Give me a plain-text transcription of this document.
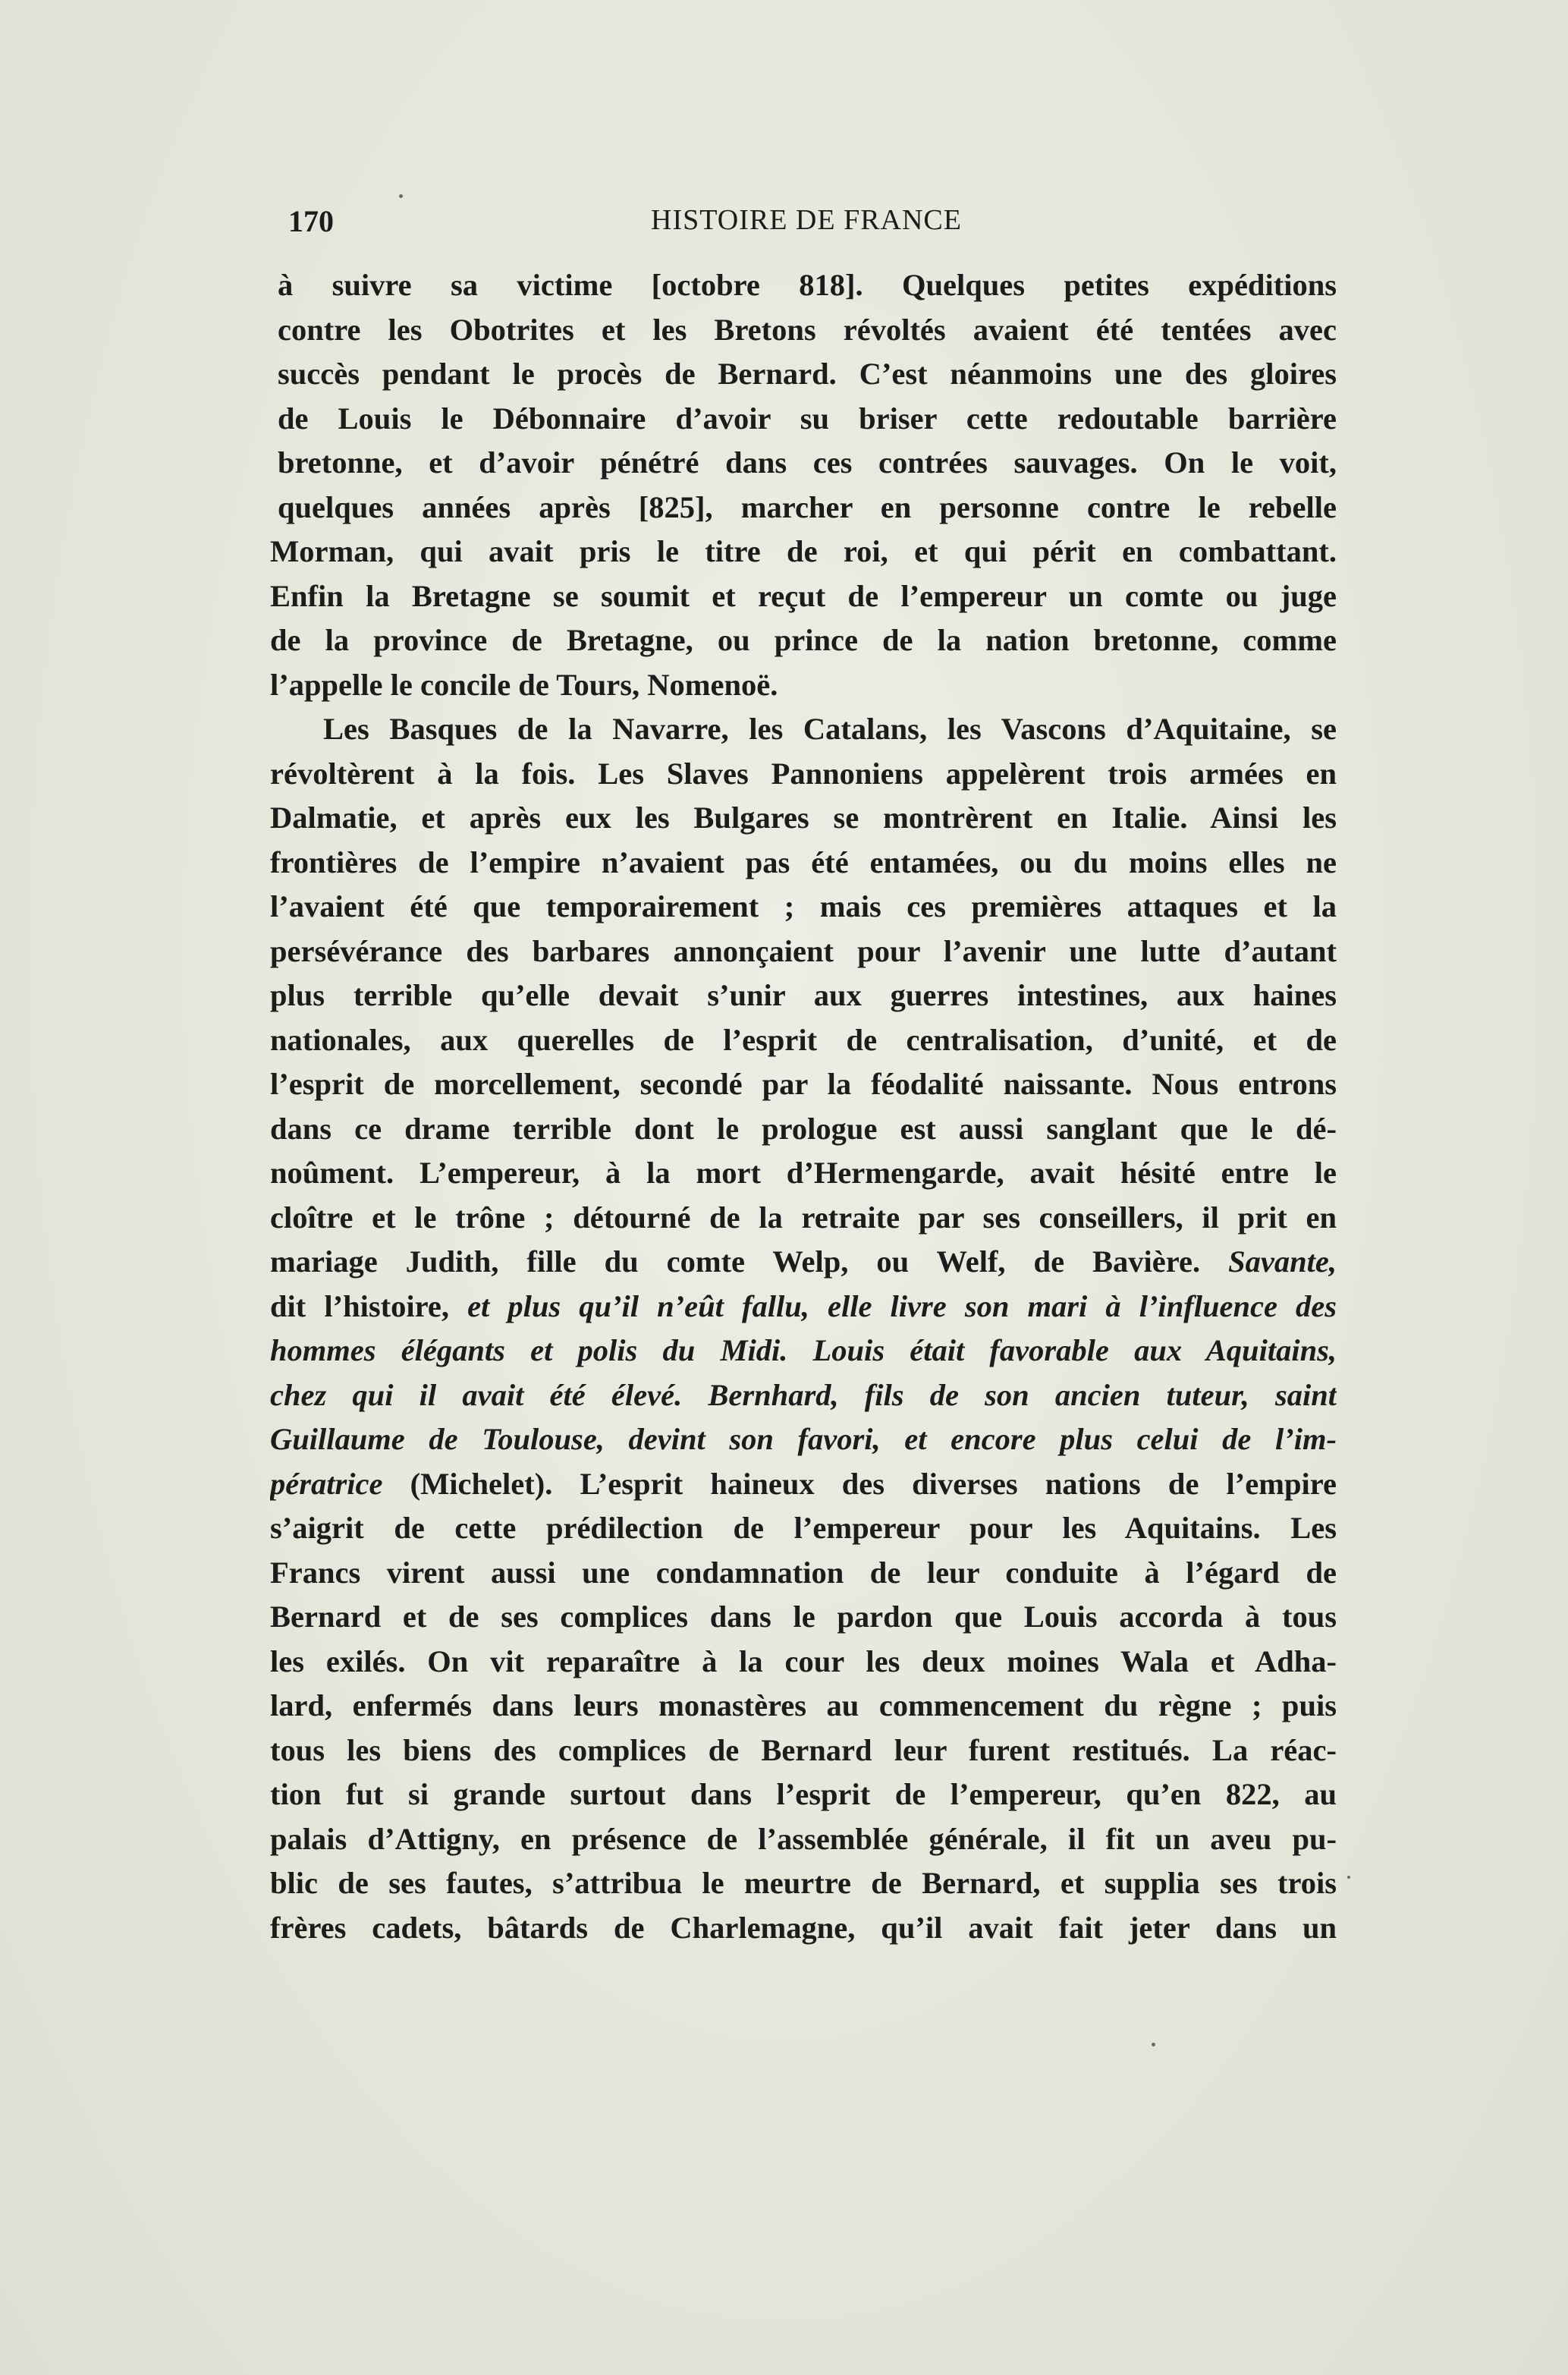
170	HISTOIRE DE FRANCE
à suivre sa victime [octobre 818]. Quelques petites expéditions
contre les Obotrites et les Bretons révoltés avaient été tentées avec
succès pendant le procès de Bernard. C’est néanmoins une des gloires
de Louis le Débonnaire d’avoir su briser cette redoutable barrière
bretonne, et d’avoir pénétré dans ces contrées sauvages. On le voit,
quelques années après [825], marcher en personne contre le rebelle
Morman, qui avait pris le titre de roi, et qui périt en combattant.
Enfin la Bretagne se soumit et reçut de l’empereur un comte ou juge
de la province de Bretagne, ou prince de la nation bretonne, comme
l’appelle le concile de Tours, Nomenoë.
Les Basques de la Navarre, les Catalans, les Vascons d’Aquitaine, se
révoltèrent à la fois. Les Slaves Pannoniens appelèrent trois armées en
Dalmatie, et après eux les Bulgares se montrèrent en Italie. Ainsi les
frontières de l’empire n’avaient pas été entamées, ou du moins elles ne
l’avaient été que temporairement ; mais ces premières attaques et la
persévérance des barbares annonçaient pour l’avenir une lutte d’autant
plus terrible qu’elle devait s’unir aux guerres intestines, aux haines
nationales, aux querelles de l’esprit de centralisation, d’unité, et de
l’esprit de morcellement, secondé par la féodalité naissante. Nous entrons
dans ce drame terrible dont le prologue est aussi sanglant que le dé-
noûment. L’empereur, à la mort d’Hermengarde, avait hésité entre le
cloître et le trône ; détourné de la retraite par ses conseillers, il prit en
mariage Judith, fille du comte Welp, ou Welf, de Bavière. Savante,
dit l’histoire, et plus qu’il n’eût fallu, elle livre son mari à l’influence des
hommes élégants et polis du Midi. Louis était favorable aux Aquitains,
chez qui il avait été élevé. Bernhard, fils de son ancien tuteur, saint
Guillaume de Toulouse, devint son favori, et encore plus celui de l’im-
pératrice (Michelet). L’esprit haineux des diverses nations de l’empire
s’aigrit de cette prédilection de l’empereur pour les Aquitains. Les
Francs virent aussi une condamnation de leur conduite à l’égard de
Bernard et de ses complices dans le pardon que Louis accorda à tous
les exilés. On vit reparaître à la cour les deux moines Wala et Adha-
lard, enfermés dans leurs monastères au commencement du règne ; puis
tous les biens des complices de Bernard leur furent restitués. La réac-
tion fut si grande surtout dans l’esprit de l’empereur, qu’en 822, au
palais d’Attigny, en présence de l’assemblée générale, il fit un aveu pu-
blic de ses fautes, s’attribua le meurtre de Bernard, et supplia ses trois
frères cadets, bâtards de Charlemagne, qu’il avait fait jeter dans un
